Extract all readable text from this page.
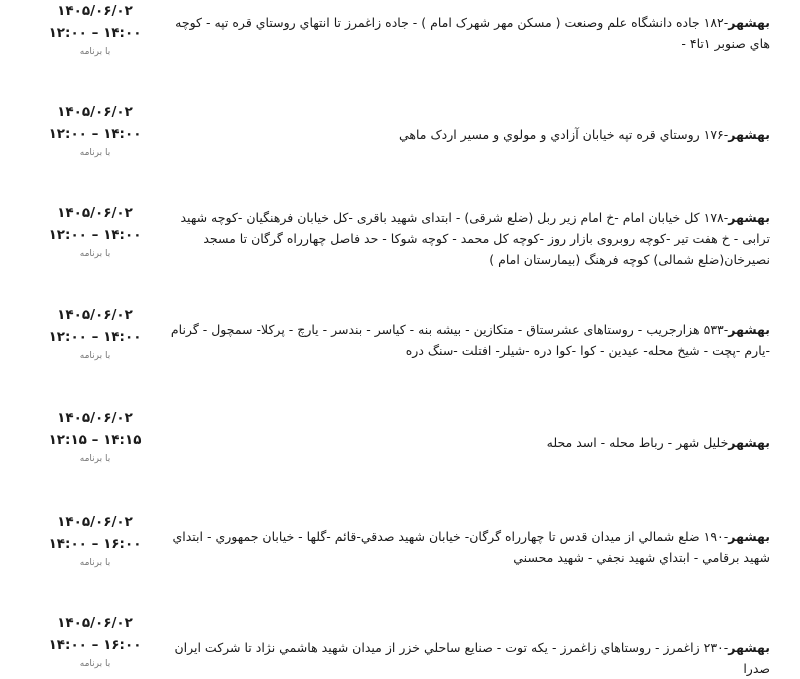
۱۴۰۵/۰۶/۰۲
۱۲:۰۰ – ۱۴:۰۰
با برنامه
بهشهر-۱۸۲ جاده دانشگاه علم وصنعت ( مسکن مهر شهرک امام ) - جاده زاغمرز تا انتهاي روستاي قره تپه - کوچه هاي صنوبر ۱تا۴ -
۱۴۰۵/۰۶/۰۲
۱۲:۰۰ – ۱۴:۰۰
با برنامه
بهشهر-۱۷۶ روستاي قره تپه خيابان آزادي و مولوي و مسير اردک ماهي
۱۴۰۵/۰۶/۰۲
۱۲:۰۰ – ۱۴:۰۰
با برنامه
بهشهر-۱۷۸ کل خيابان امام -خ امام زير ربل (ضلع شرقی) - ابتدای شهيد باقری -کل خيابان فرهنگيان -کوچه شهيد ترابی - خ هفت تير -کوچه روبروی بازار روز -کوچه کل محمد - کوچه شوکا - حد فاصل چهارراه گرگان تا مسجد نصيرخان(ضلع شمالی) کوچه فرهنگ (بيمارستان امام )
۱۴۰۵/۰۶/۰۲
۱۲:۰۰ – ۱۴:۰۰
با برنامه
بهشهر-۵۳۳ هزارجريب - روستاهای عشرستاق - متکازين - بيشه بنه - کياسر - بندسر - يارچ - پرکلا- سمچول - گرنام -يارم -پچت - شيخ محله- عيدين - کوا -کوا دره -شيلر- افتلت -سنگ دره
۱۴۰۵/۰۶/۰۲
۱۲:۱۵ – ۱۴:۱۵
با برنامه
بهشهرخليل شهر - رباط محله - اسد محله
۱۴۰۵/۰۶/۰۲
۱۴:۰۰ – ۱۶:۰۰
با برنامه
بهشهر-۱۹۰ ضلع شمالي از ميدان قدس تا چهارراه گرگان- خيابان شهيد صدقي-قائم -گلها - خيابان جمهوري - ابتداي شهيد برقامي - ابتداي شهيد نجفي - شهيد محسني
۱۴۰۵/۰۶/۰۲
۱۴:۰۰ – ۱۶:۰۰
با برنامه
بهشهر-۲۳۰ زاغمرز - روستاهاي زاغمرز - يکه توت - صنايع ساحلي خزر از ميدان شهيد هاشمي نژاد تا شرکت ايران صدرا
